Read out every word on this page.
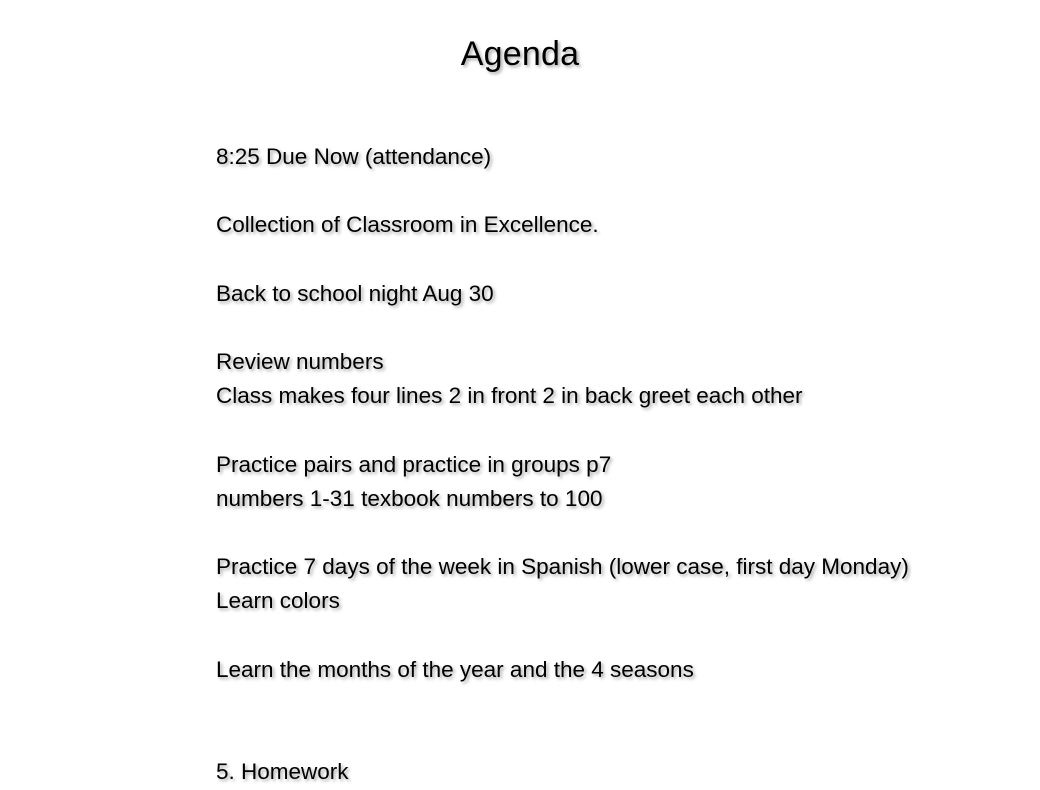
Agenda
8:25 Due Now (attendance)
Collection of Classroom in Excellence.
Back to school night Aug 30
Review numbers
Class makes four lines 2 in front 2 in back greet each other
Practice pairs and practice in groups p7
numbers 1-31 texbook numbers to 100
Practice 7 days of the week in Spanish (lower case, first day Monday)
Learn colors
Learn the months of the year and the 4 seasons
5. Homework
